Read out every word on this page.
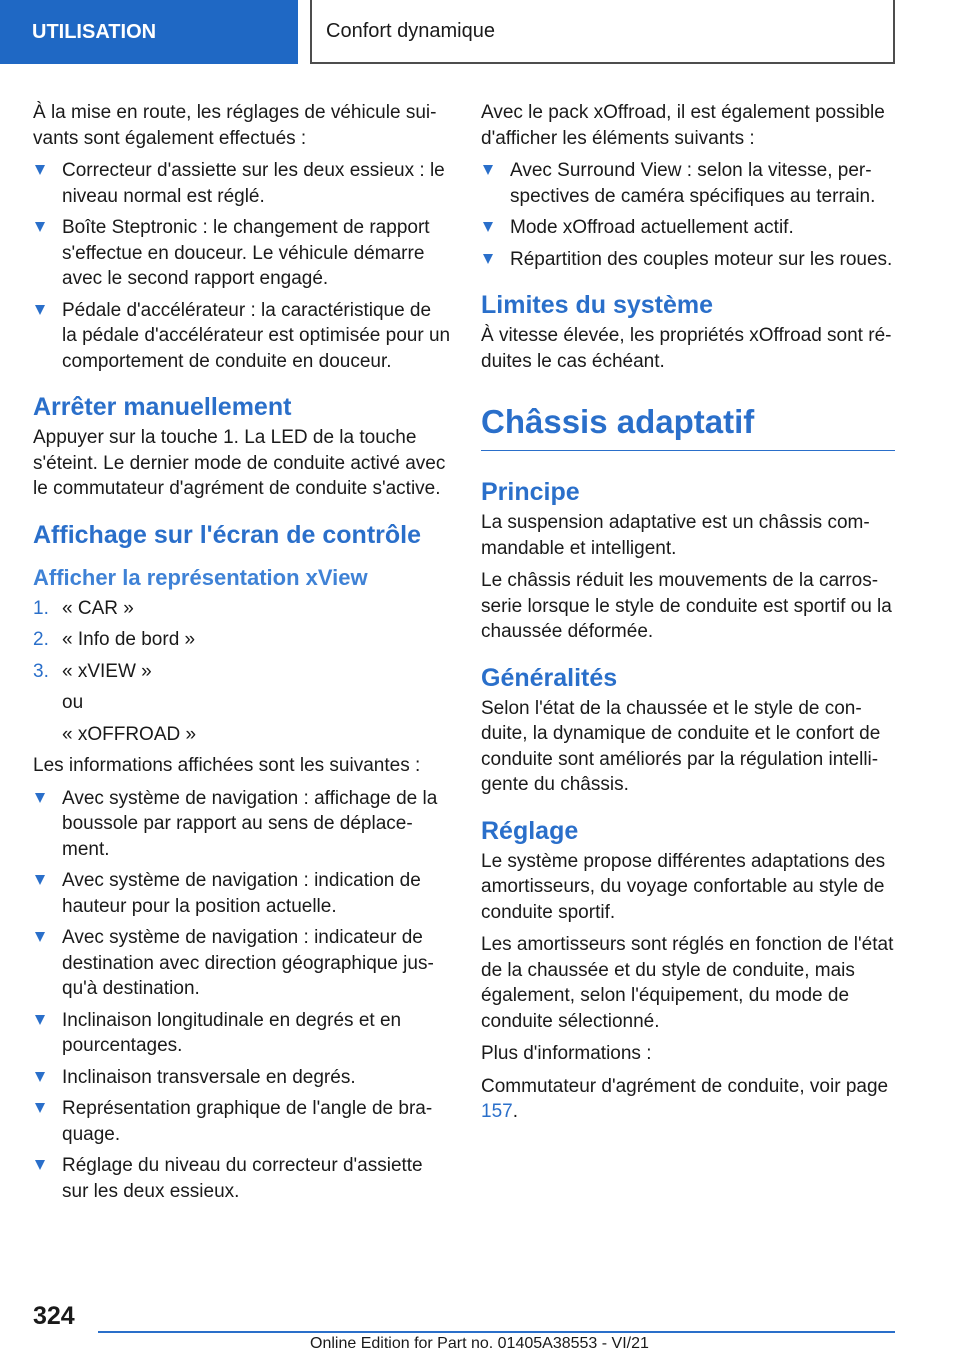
UTILISATION	Confort dynamique

À la mise en route, les réglages de véhicule sui-vants sont également effectués :

Correcteur d'assiette sur les deux essieux : le niveau normal est réglé.
Boîte Steptronic : le changement de rapport s'effectue en douceur. Le véhicule démarre avec le second rapport engagé.
Pédale d'accélérateur : la caractéristique de la pédale d'accélérateur est optimisée pour un comportement de conduite en douceur.
Arrêter manuellement

Appuyer sur la touche 1. La LED de la touche s'éteint. Le dernier mode de conduite activé avec le commutateur d'agrément de conduite s'active.

Affichage sur l'écran de contrôle
Afficher la représentation xView
1. « CAR »
2. « Info de bord »
3. « xVIEW »
ou
« xOFFROAD »

Les informations affichées sont les suivantes :

Avec système de navigation : affichage de la boussole par rapport au sens de déplace-ment.
Avec système de navigation : indication de hauteur pour la position actuelle.
Avec système de navigation : indicateur de destination avec direction géographique jus-qu'à destination.
Inclinaison longitudinale en degrés et en pourcentages.
Inclinaison transversale en degrés.
Représentation graphique de l'angle de bra-quage.
Réglage du niveau du correcteur d'assiette sur les deux essieux.

Avec le pack xOffroad, il est également possible d'afficher les éléments suivants :

Avec Surround View : selon la vitesse, per-spectives de caméra spécifiques au terrain.
Mode xOffroad actuellement actif.
Répartition des couples moteur sur les roues.
Limites du système

À vitesse élevée, les propriétés xOffroad sont ré-duites le cas échéant.

Châssis adaptatif
Principe

La suspension adaptative est un châssis com-mandable et intelligent.

Le châssis réduit les mouvements de la carros-serie lorsque le style de conduite est sportif ou la chaussée déformée.

Généralités

Selon l'état de la chaussée et le style de con-duite, la dynamique de conduite et le confort de conduite sont améliorés par la régulation intelli-gente du châssis.

Réglage

Le système propose différentes adaptations des amortisseurs, du voyage confortable au style de conduite sportif.

Les amortisseurs sont réglés en fonction de l'état de la chaussée et du style de conduite, mais également, selon l'équipement, du mode de conduite sélectionné.

Plus d'informations :

Commutateur d'agrément de conduite, voir page 157.

324
Online Edition for Part no. 01405A38553 - VI/21
